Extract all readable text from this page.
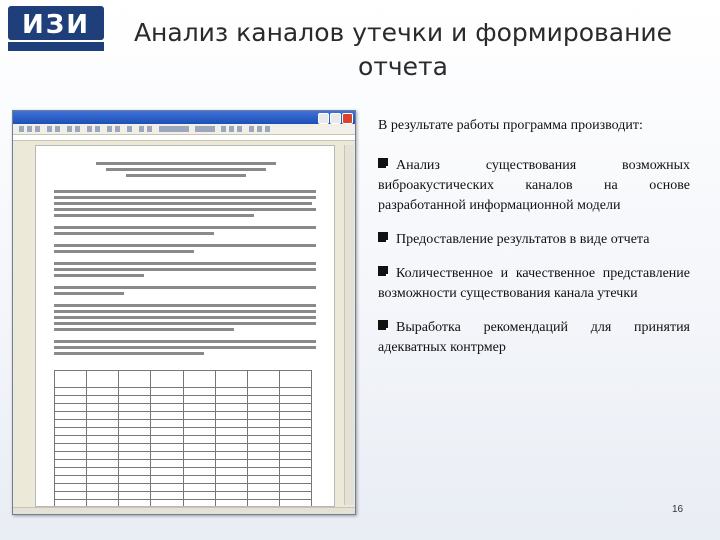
ИЗИ
	Анализ каналов утечки и формирование отчета

В результате работы программа производит:

Анализ существования возможных виброакустических каналов на основе разработанной информационной модели

Предоставление результатов в виде отчета

Количественное и качественное представление возможности существования канала утечки

Выработка рекомендаций для принятия адекватных контрмер

16
